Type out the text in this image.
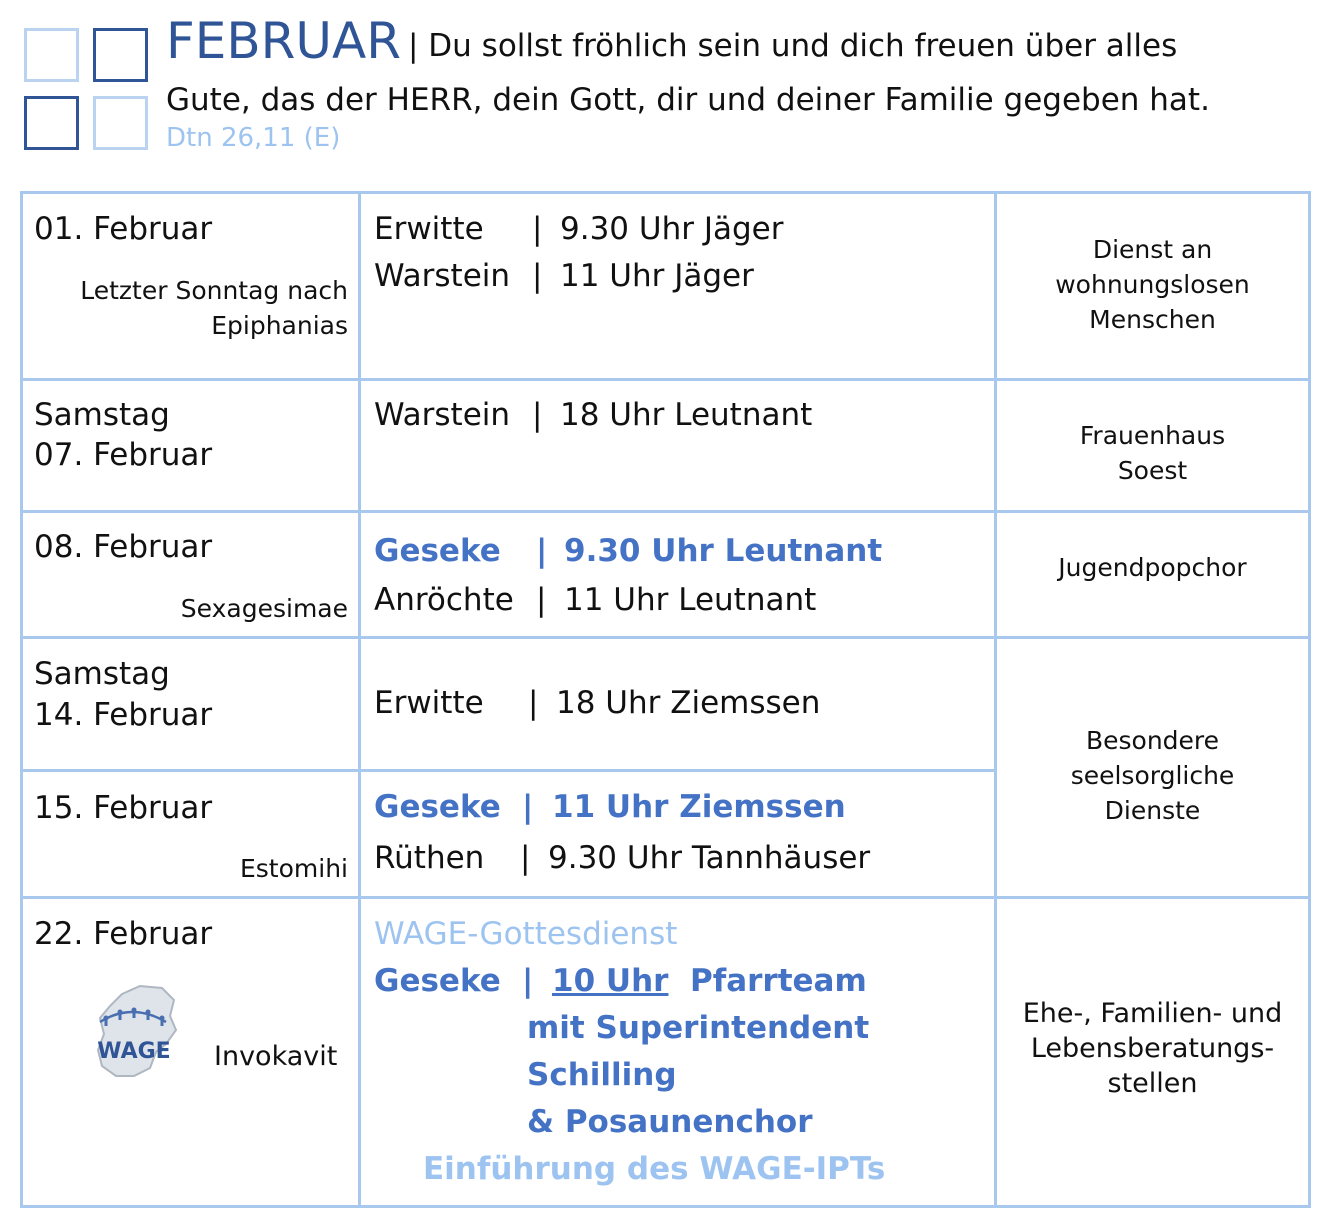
FEBRUAR | Du sollst fröhlich sein und dich freuen über alles
Gute, das der HERR, dein Gott, dir und deiner Familie gegeben hat.
Dtn 26,11 (E)
01. Februar
Letzter Sonntag nach
Epiphanias
Erwitte | 9.30 Uhr Jäger
Warstein | 11 Uhr Jäger
Dienst an
wohnungslosen
Menschen
Samstag
07. Februar
Warstein | 18 Uhr Leutnant
Frauenhaus
Soest
08. Februar
Sexagesimae
Geseke | 9.30 Uhr Leutnant
Anröchte | 11 Uhr Leutnant
Jugendpopchor
Samstag
14. Februar	Erwitte | 18 Uhr Ziemssen
Besondere
seelsorgliche
Dienste
15. Februar
Estomihi
Geseke | 11 Uhr Ziemssen
Rüthen | 9.30 Uhr Tannhäuser
22. Februar
WAGE Invokavit
WAGE-Gottesdienst
Geseke | 10 Uhr Pfarrteam
mit Superintendent
Schilling
& Posaunenchor
Einführung des WAGE-IPTs
Ehe-, Familien- und
Lebensberatungs-
stellen
